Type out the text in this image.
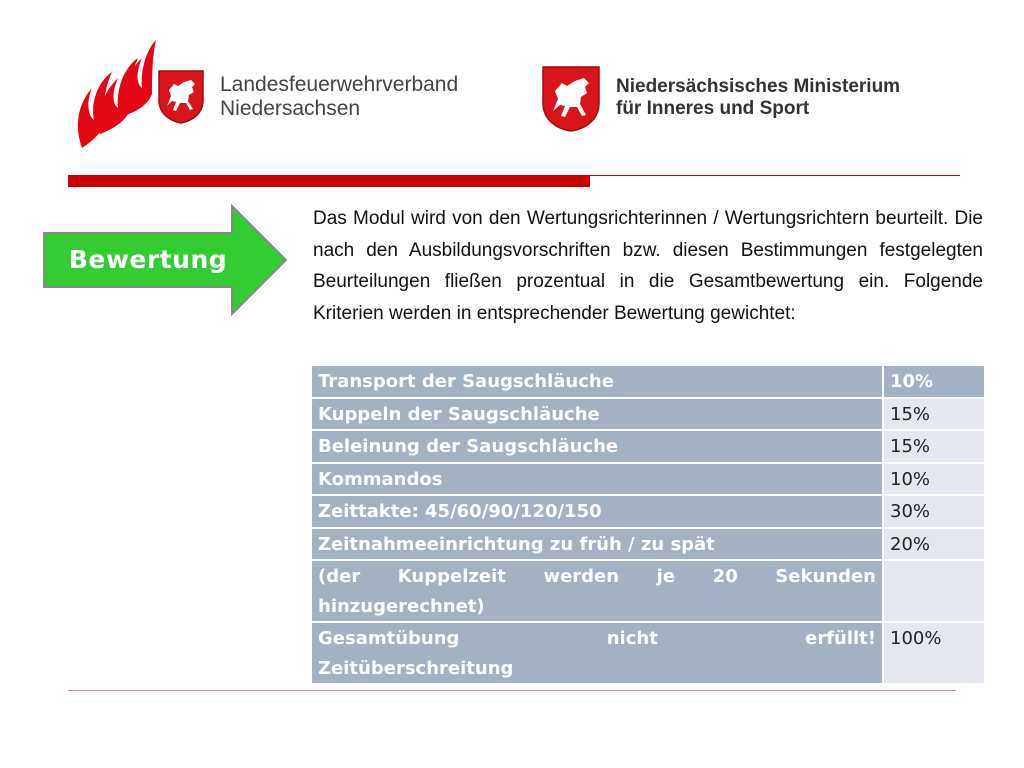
Landesfeuerwehrverband
Niedersachsen
Niedersächsisches Ministerium
für Inneres und Sport
Bewertung
Das Modul wird von den Wertungsrichterinnen / Wertungsrichtern beurteilt. Die nach den Ausbildungsvorschriften bzw. diesen Bestimmungen festgelegten Beurteilungen fließen prozentual in die Gesamtbewertung ein. Folgende Kriterien werden in entsprechender Bewertung gewichtet:
Transport der Saugschläuche	10%
Kuppeln der Saugschläuche	15%
Beleinung der Saugschläuche	15%
Kommandos	10%
Zeittakte: 45/60/90/120/150	30%
Zeitnahmeeinrichtung zu früh / zu spät	20%
(der Kuppelzeit werden je 20 Sekunden
hinzugerechnet)	

Gesamtübung nicht erfüllt!
Zeitüberschreitung	100%
